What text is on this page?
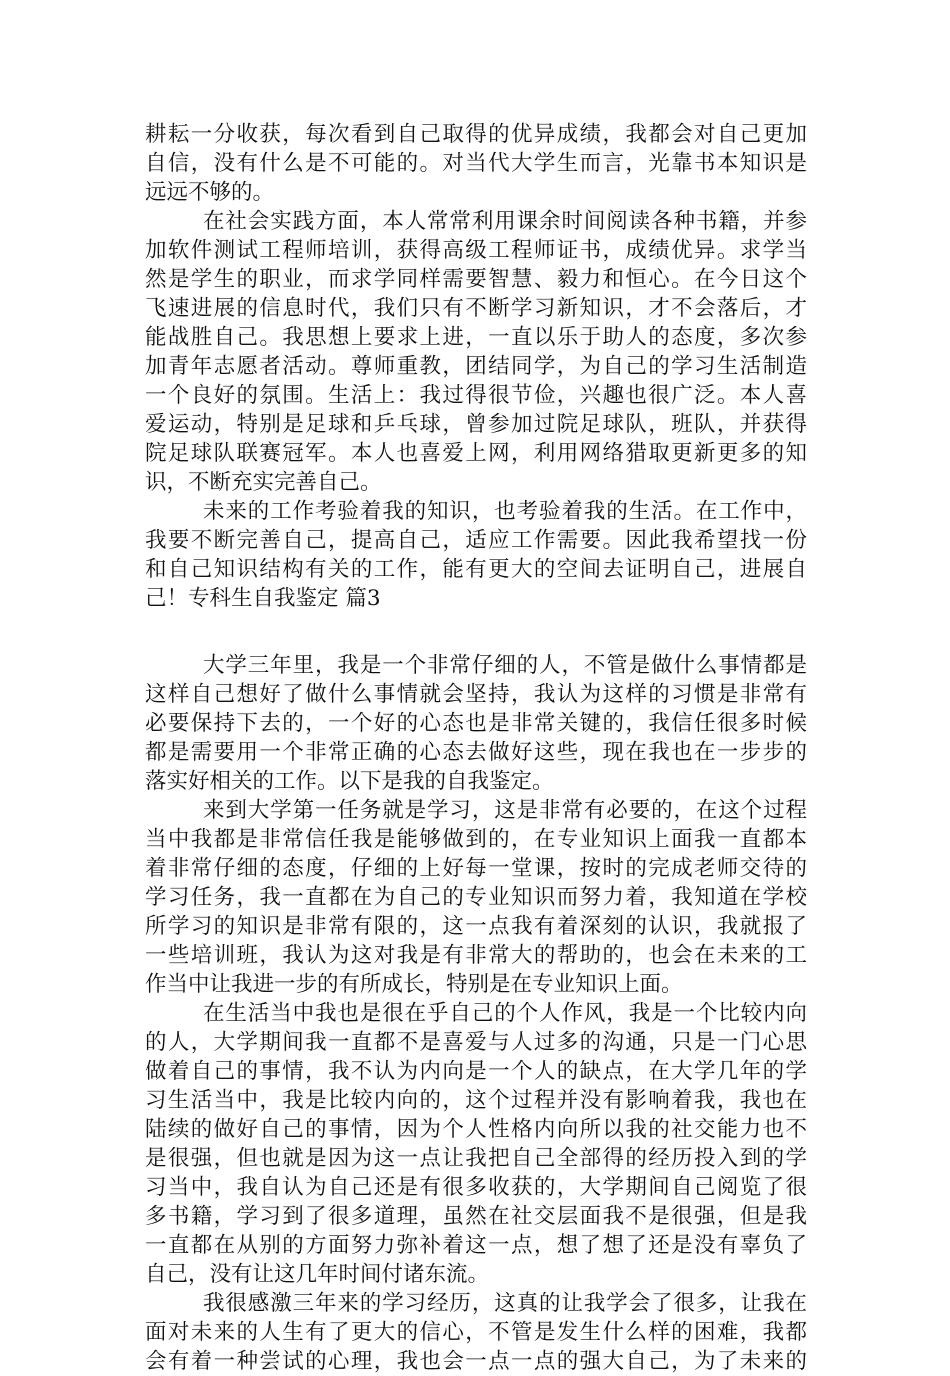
耕耘一分收获，每次看到自己取得的优异成绩，我都会对自己更加
自信，没有什么是不可能的。对当代大学生而言，光靠书本知识是
远远不够的。
在社会实践方面，本人常常利用课余时间阅读各种书籍，并参
加软件测试工程师培训，获得高级工程师证书，成绩优异。求学当
然是学生的职业，而求学同样需要智慧、毅力和恒心。在今日这个
飞速进展的信息时代，我们只有不断学习新知识，才不会落后，才
能战胜自己。我思想上要求上进，一直以乐于助人的态度，多次参
加青年志愿者活动。尊师重教，团结同学，为自己的学习生活制造
一个良好的氛围。生活上：我过得很节俭，兴趣也很广泛。本人喜
爱运动，特别是足球和乒乓球，曾参加过院足球队，班队，并获得
院足球队联赛冠军。本人也喜爱上网，利用网络猎取更新更多的知
识，不断充实完善自己。
未来的工作考验着我的知识，也考验着我的生活。在工作中，
我要不断完善自己，提高自己，适应工作需要。因此我希望找一份
和自己知识结构有关的工作，能有更大的空间去证明自己，进展自
己！专科生自我鉴定 篇3
大学三年里，我是一个非常仔细的人，不管是做什么事情都是
这样自己想好了做什么事情就会坚持，我认为这样的习惯是非常有
必要保持下去的，一个好的心态也是非常关键的，我信任很多时候
都是需要用一个非常正确的心态去做好这些，现在我也在一步步的
落实好相关的工作。以下是我的自我鉴定。
来到大学第一任务就是学习，这是非常有必要的，在这个过程
当中我都是非常信任我是能够做到的，在专业知识上面我一直都本
着非常仔细的态度，仔细的上好每一堂课，按时的完成老师交待的
学习任务，我一直都在为自己的专业知识而努力着，我知道在学校
所学习的知识是非常有限的，这一点我有着深刻的认识，我就报了
一些培训班，我认为这对我是有非常大的帮助的，也会在未来的工
作当中让我进一步的有所成长，特别是在专业知识上面。
在生活当中我也是很在乎自己的个人作风，我是一个比较内向
的人，大学期间我一直都不是喜爱与人过多的沟通，只是一门心思
做着自己的事情，我不认为内向是一个人的缺点，在大学几年的学
习生活当中，我是比较内向的，这个过程并没有影响着我，我也在
陆续的做好自己的事情，因为个人性格内向所以我的社交能力也不
是很强，但也就是因为这一点让我把自己全部得的经历投入到的学
习当中，我自认为自己还是有很多收获的，大学期间自己阅览了很
多书籍，学习到了很多道理，虽然在社交层面我不是很强，但是我
一直都在从别的方面努力弥补着这一点，想了想了还是没有辜负了
自己，没有让这几年时间付诸东流。
我很感激三年来的学习经历，这真的让我学会了很多，让我在
面对未来的人生有了更大的信心，不管是发生什么样的困难，我都
会有着一种尝试的心理，我也会一点一点的强大自己，为了未来的
